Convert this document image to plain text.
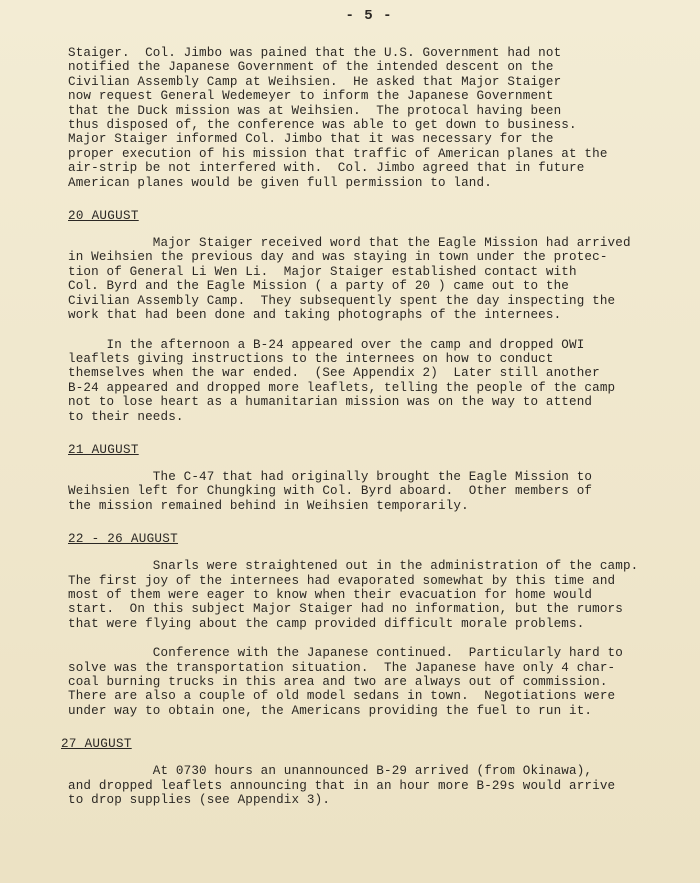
- 5 -

Staiger.  Col. Jimbo was pained that the U.S. Government had not

notified the Japanese Government of the intended descent on the

Civilian Assembly Camp at Weihsien.  He asked that Major Staiger

now request General Wedemeyer to inform the Japanese Government

that the Duck mission was at Weihsien.  The protocal having been

thus disposed of, the conference was able to get down to business.

Major Staiger informed Col. Jimbo that it was necessary for the

proper execution of his mission that traffic of American planes at the

air-strip be not interfered with.  Col. Jimbo agreed that in future

American planes would be given full permission to land.

20 AUGUST

Major Staiger received word that the Eagle Mission had arrived

in Weihsien the previous day and was staying in town under the protec-

tion of General Li Wen Li.  Major Staiger established contact with

Col. Byrd and the Eagle Mission ( a party of 20 ) came out to the

Civilian Assembly Camp.  They subsequently spent the day inspecting the

work that had been done and taking photographs of the internees.

In the afternoon a B-24 appeared over the camp and dropped OWI

leaflets giving instructions to the internees on how to conduct

themselves when the war ended.  (See Appendix 2)  Later still another

B-24 appeared and dropped more leaflets, telling the people of the camp

not to lose heart as a humanitarian mission was on the way to attend

to their needs.

21 AUGUST

The C-47 that had originally brought the Eagle Mission to

Weihsien left for Chungking with Col. Byrd aboard.  Other members of

the mission remained behind in Weihsien temporarily.

22 - 26 AUGUST

Snarls were straightened out in the administration of the camp.

The first joy of the internees had evaporated somewhat by this time and

most of them were eager to know when their evacuation for home would

start.  On this subject Major Staiger had no information, but the rumors

that were flying about the camp provided difficult morale problems.

Conference with the Japanese continued.  Particularly hard to

solve was the transportation situation.  The Japanese have only 4 char-

coal burning trucks in this area and two are always out of commission.

There are also a couple of old model sedans in town.  Negotiations were

under way to obtain one, the Americans providing the fuel to run it.

27 AUGUST

At 0730 hours an unannounced B-29 arrived (from Okinawa),

and dropped leaflets announcing that in an hour more B-29s would arrive

to drop supplies (see Appendix 3).
